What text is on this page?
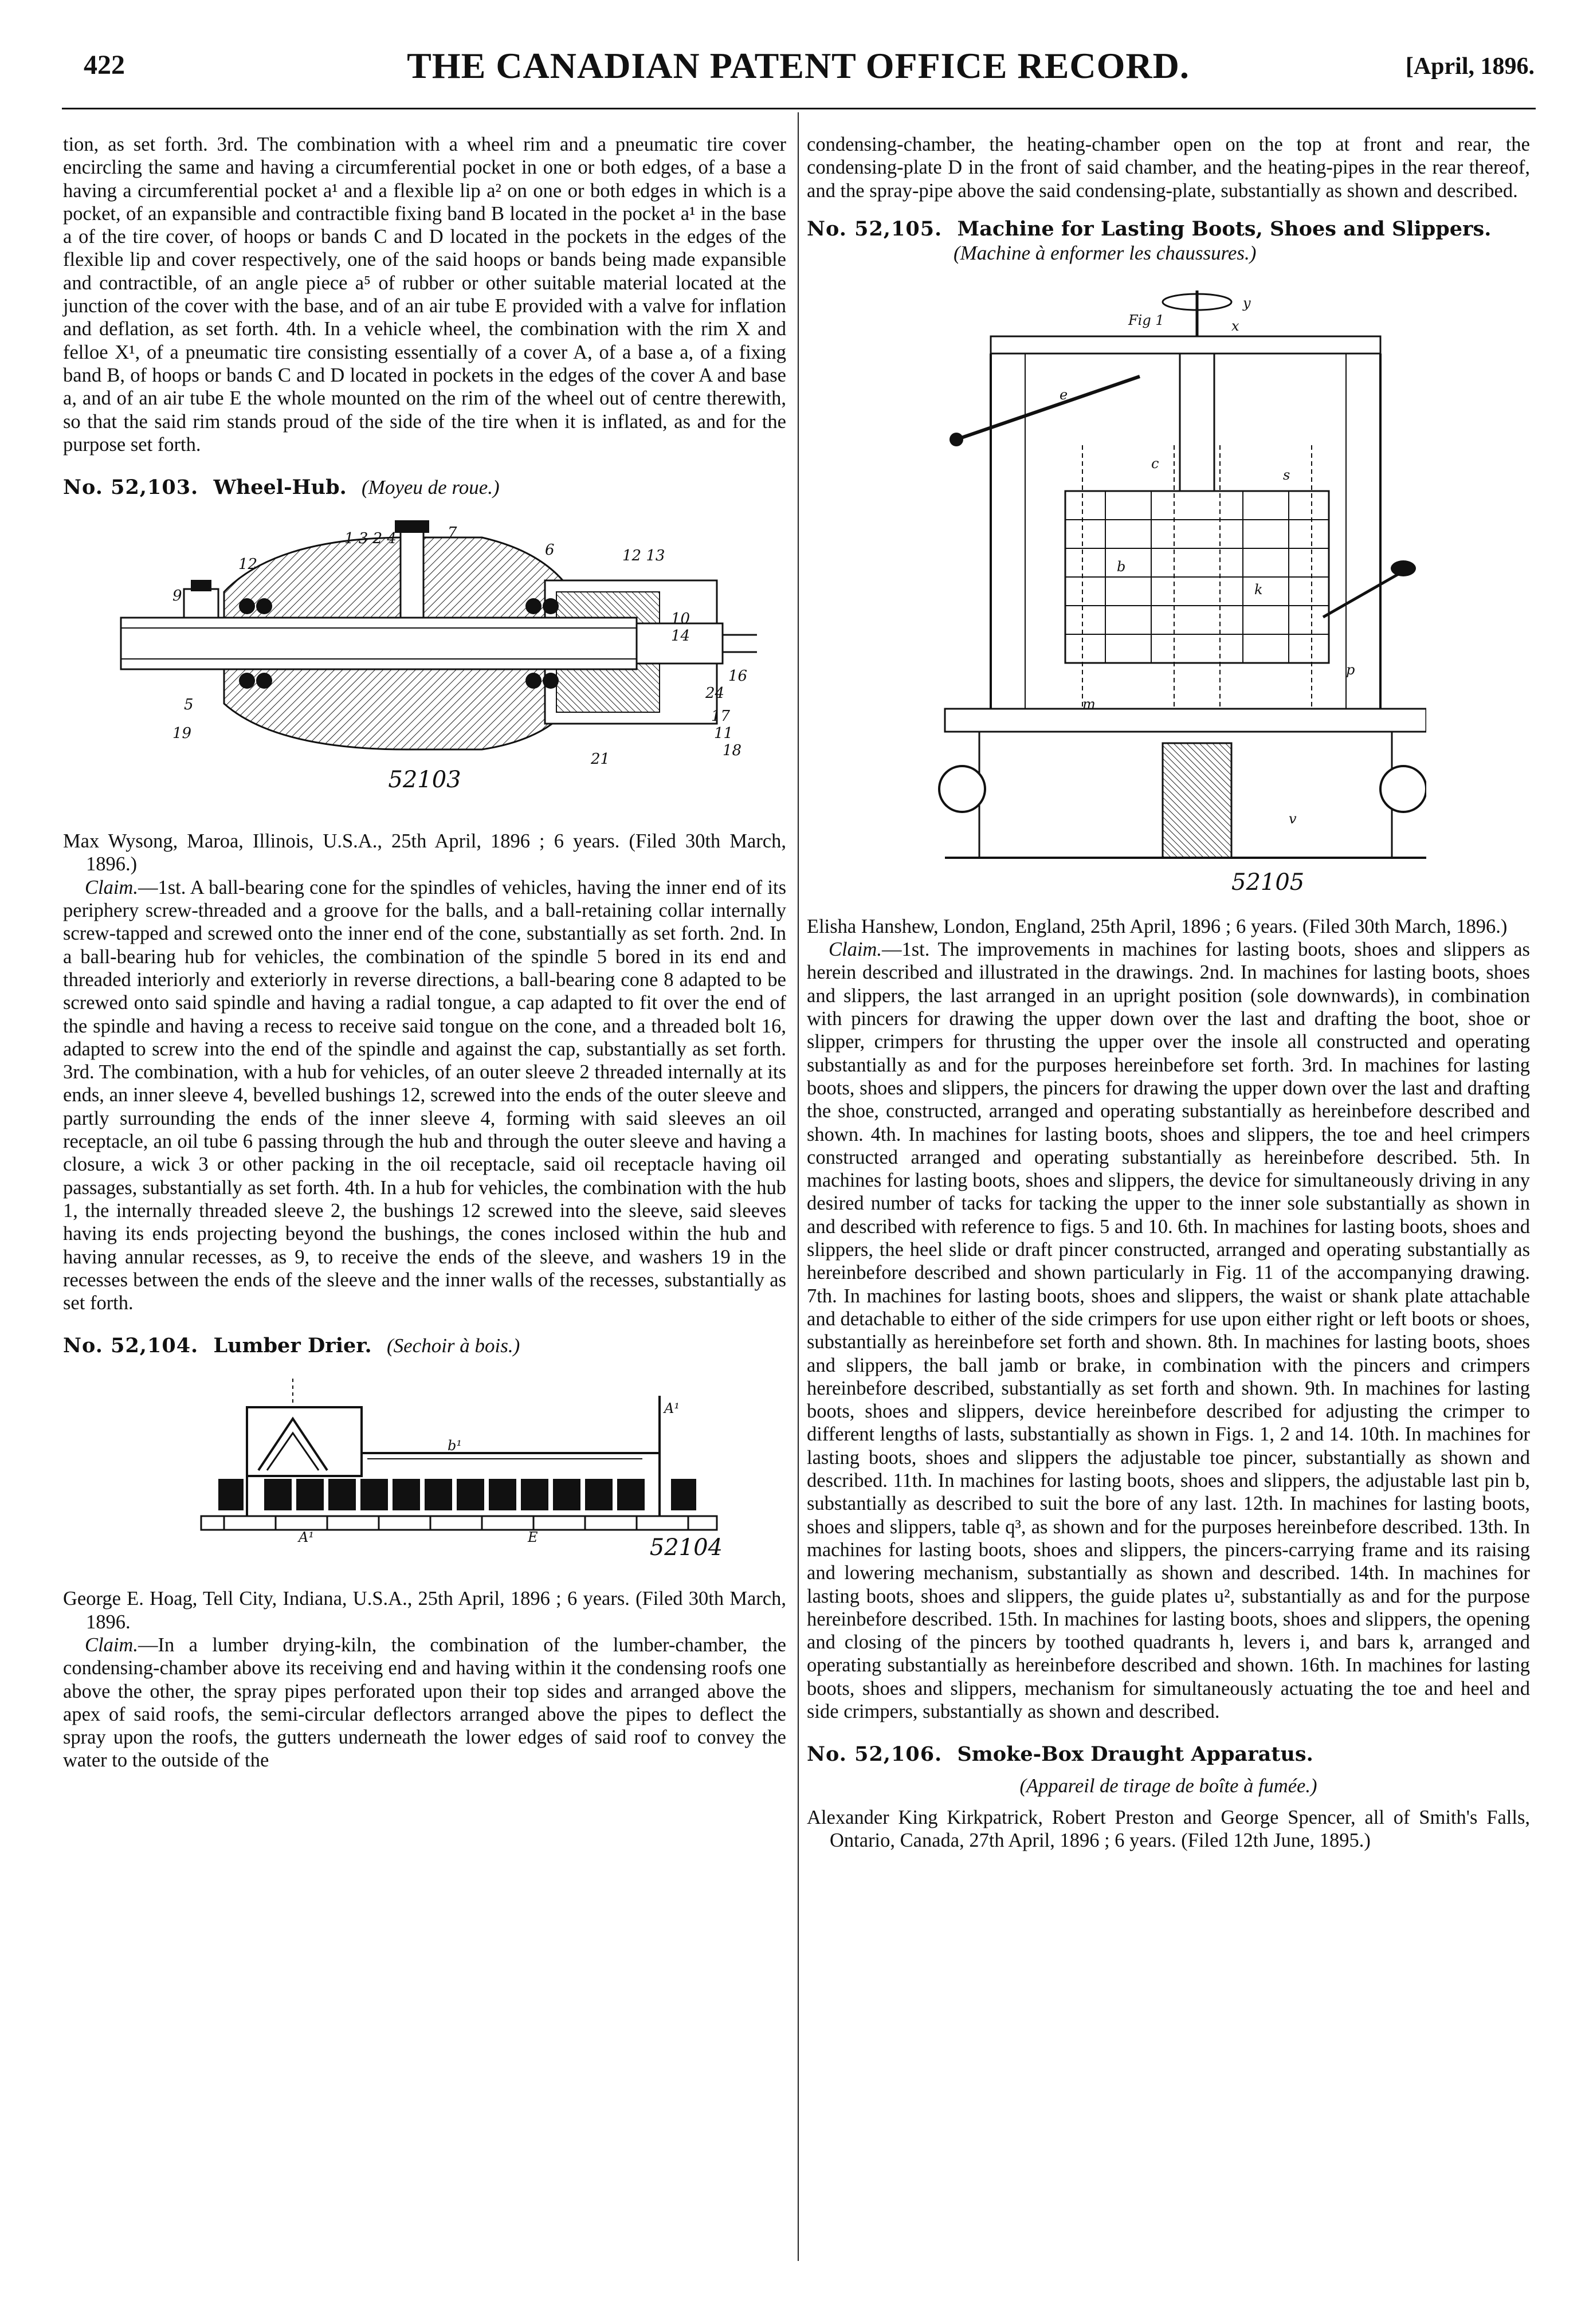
422	THE CANADIAN PATENT OFFICE RECORD.	[April, 1896.

tion, as set forth. 3rd. The combination with a wheel rim and a pneumatic tire cover encircling the same and having a circumferential pocket in one or both edges, of a base a having a circumferential pocket a¹ and a flexible lip a² on one or both edges in which is a pocket, of an expansible and contractible fixing band B located in the pocket a¹ in the base a of the tire cover, of hoops or bands C and D located in the pockets in the edges of the flexible lip and cover respectively, one of the said hoops or bands being made expansible and contractible, of an angle piece a⁵ of rubber or other suitable material located at the junction of the cover with the base, and of an air tube E provided with a valve for inflation and deflation, as set forth. 4th. In a vehicle wheel, the combination with the rim X and felloe X¹, of a pneumatic tire consisting essentially of a cover A, of a base a, of a fixing band B, of hoops or bands C and D located in pockets in the edges of the cover A and base a, and of an air tube E the whole mounted on the rim of the wheel out of centre therewith, so that the said rim stands proud of the side of the tire when it is inflated, as and for the purpose set forth.

No. 52,103. Wheel-Hub. (Moyeu de roue.)
1 3 2 4	7
6	12 13
12
9
10
14
16
24
17
11
18
5
19
21
52103

Max Wysong, Maroa, Illinois, U.S.A., 25th April, 1896 ; 6 years. (Filed 30th March, 1896.)

Claim.—1st. A ball-bearing cone for the spindles of vehicles, having the inner end of its periphery screw-threaded and a groove for the balls, and a ball-retaining collar internally screw-tapped and screwed onto the inner end of the cone, substantially as set forth. 2nd. In a ball-bearing hub for vehicles, the combination of the spindle 5 bored in its end and threaded interiorly and exteriorly in reverse directions, a ball-bearing cone 8 adapted to be screwed onto said spindle and having a radial tongue, a cap adapted to fit over the end of the spindle and having a recess to receive said tongue on the cone, and a threaded bolt 16, adapted to screw into the end of the spindle and against the cap, substantially as set forth. 3rd. The combination, with a hub for vehicles, of an outer sleeve 2 threaded internally at its ends, an inner sleeve 4, bevelled bushings 12, screwed into the ends of the outer sleeve and partly surrounding the ends of the inner sleeve 4, forming with said sleeves an oil receptacle, an oil tube 6 passing through the hub and through the outer sleeve and having a closure, a wick 3 or other packing in the oil receptacle, said oil receptacle having oil passages, substantially as set forth. 4th. In a hub for vehicles, the combination with the hub 1, the internally threaded sleeve 2, the bushings 12 screwed into the sleeve, said sleeves having its ends projecting beyond the bushings, the cones inclosed within the hub and having annular recesses, as 9, to receive the ends of the sleeve, and washers 19 in the recesses between the ends of the sleeve and the inner walls of the recesses, substantially as set forth.

No. 52,104. Lumber Drier. (Sechoir à bois.)
A¹
b¹
A¹	E	52104

George E. Hoag, Tell City, Indiana, U.S.A., 25th April, 1896 ; 6 years. (Filed 30th March, 1896.

Claim.—In a lumber drying-kiln, the combination of the lumber-chamber, the condensing-chamber above its receiving end and having within it the condensing roofs one above the other, the spray pipes perforated upon their top sides and arranged above the apex of said roofs, the semi-circular deflectors arranged above the pipes to deflect the spray upon the roofs, the gutters underneath the lower edges of said roof to convey the water to the outside of the

condensing-chamber, the heating-chamber open on the top at front and rear, the condensing-plate D in the front of said chamber, and the heating-pipes in the rear thereof, and the spray-pipe above the said condensing-plate, substantially as shown and described.

No. 52,105. Machine for Lasting Boots, Shoes and Slippers.   (Machine à enformer les chaussures.)
Fig 1
y
x
e
c
s
b
k
p
m
v
52105

Elisha Hanshew, London, England, 25th April, 1896 ; 6 years. (Filed 30th March, 1896.)

Claim.—1st. The improvements in machines for lasting boots, shoes and slippers as herein described and illustrated in the drawings. 2nd. In machines for lasting boots, shoes and slippers, the last arranged in an upright position (sole downwards), in combination with pincers for drawing the upper down over the last and drafting the boot, shoe or slipper, crimpers for thrusting the upper over the insole all constructed and operating substantially as and for the purposes hereinbefore set forth. 3rd. In machines for lasting boots, shoes and slippers, the pincers for drawing the upper down over the last and drafting the shoe, constructed, arranged and operating substantially as hereinbefore described and shown. 4th. In machines for lasting boots, shoes and slippers, the toe and heel crimpers constructed arranged and operating substantially as hereinbefore described. 5th. In machines for lasting boots, shoes and slippers, the device for simultaneously driving in any desired number of tacks for tacking the upper to the inner sole substantially as shown in and described with reference to figs. 5 and 10. 6th. In machines for lasting boots, shoes and slippers, the heel slide or draft pincer constructed, arranged and operating substantially as hereinbefore described and shown particularly in Fig. 11 of the accompanying drawing. 7th. In machines for lasting boots, shoes and slippers, the waist or shank plate attachable and detachable to either of the side crimpers for use upon either right or left boots or shoes, substantially as hereinbefore set forth and shown. 8th. In machines for lasting boots, shoes and slippers, the ball jamb or brake, in combination with the pincers and crimpers hereinbefore described, substantially as set forth and shown. 9th. In machines for lasting boots, shoes and slippers, device hereinbefore described for adjusting the crimper to different lengths of lasts, substantially as shown in Figs. 1, 2 and 14. 10th. In machines for lasting boots, shoes and slippers the adjustable toe pincer, substantially as shown and described. 11th. In machines for lasting boots, shoes and slippers, the adjustable last pin b, substantially as described to suit the bore of any last. 12th. In machines for lasting boots, shoes and slippers, table q³, as shown and for the purposes hereinbefore described. 13th. In machines for lasting boots, shoes and slippers, the pincers-carrying frame and its raising and lowering mechanism, substantially as shown and described. 14th. In machines for lasting boots, shoes and slippers, the guide plates u², substantially as and for the purpose hereinbefore described. 15th. In machines for lasting boots, shoes and slippers, the opening and closing of the pincers by toothed quadrants h, levers i, and bars k, arranged and operating substantially as hereinbefore described and shown. 16th. In machines for lasting boots, shoes and slippers, mechanism for simultaneously actuating the toe and heel and side crimpers, substantially as shown and described.

No. 52,106. Smoke-Box Draught Apparatus.

(Appareil de tirage de boîte à fumée.)

Alexander King Kirkpatrick, Robert Preston and George Spencer, all of Smith's Falls, Ontario, Canada, 27th April, 1896 ; 6 years. (Filed 12th June, 1895.)
